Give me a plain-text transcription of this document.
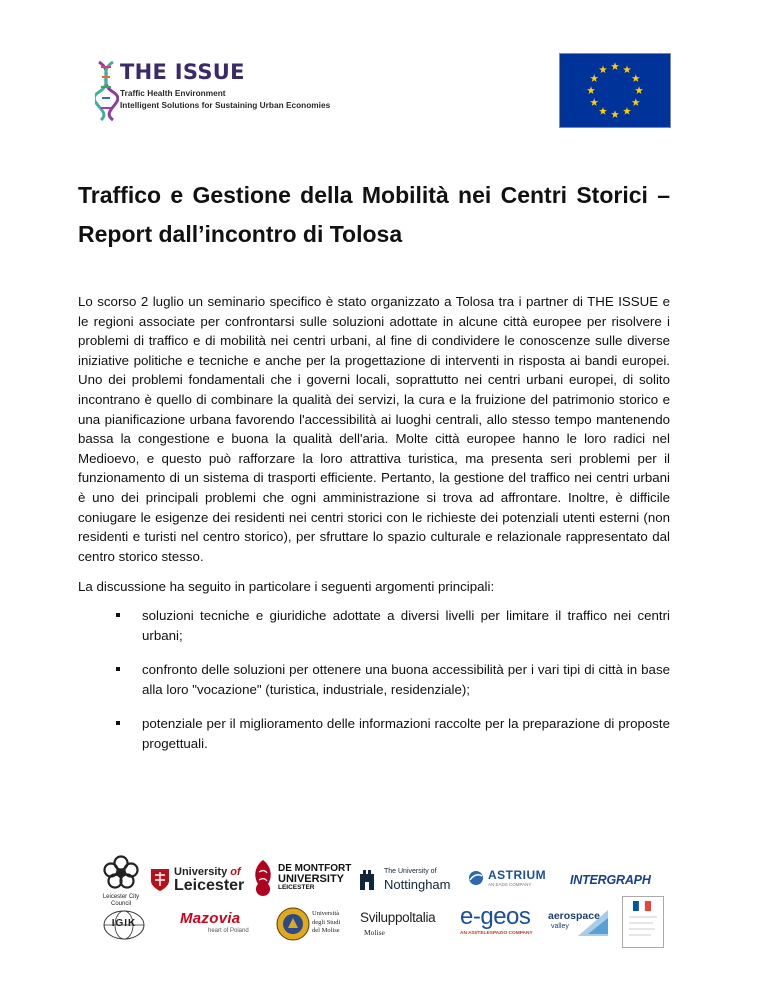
THE ISSUE
Traffic Health Environment
Intelligent Solutions for Sustaining Urban Economies
Traffico e Gestione della Mobilità nei Centri Storici – Report dall’incontro di Tolosa

Lo scorso 2 luglio un seminario specifico è stato organizzato a Tolosa tra i partner di THE ISSUE e le regioni associate per confrontarsi sulle soluzioni adottate in alcune città europee per risolvere i problemi di traffico e di mobilità nei centri urbani, al fine di condividere le conoscenze sulle diverse iniziative politiche e tecniche e anche per la progettazione di interventi in risposta ai bandi europei. Uno dei problemi fondamentali che i governi locali, soprattutto nei centri urbani europei, di solito incontrano è quello di combinare la qualità dei servizi, la cura e la fruizione del patrimonio storico e una pianificazione urbana favorendo l'accessibilità ai luoghi centrali, allo stesso tempo mantenendo bassa la congestione e buona la qualità dell'aria. Molte città europee hanno le loro radici nel Medioevo, e questo può rafforzare la loro attrattiva turistica, ma presenta seri problemi per il funzionamento di un sistema di trasporti efficiente. Pertanto, la gestione del traffico nei centri urbani è uno dei principali problemi che ogni amministrazione si trova ad affrontare. Inoltre, è difficile coniugare le esigenze dei residenti nei centri storici con le richieste dei potenziali utenti esterni (non residenti e turisti nel centro storico), per sfruttare lo spazio culturale e relazionale rappresentato dal centro storico stesso.

La discussione ha seguito in particolare i seguenti argomenti principali:

soluzioni tecniche e giuridiche adottate a diversi livelli per limitare il traffico nei centri urbani;
confronto delle soluzioni per ottenere una buona accessibilità per i vari tipi di città in base alla loro "vocazione" (turistica, industriale, residenziale);
potenziale per il miglioramento delle informazioni raccolte per la preparazione di proposte progettuali.
Leicester City Council
University of
Leicester
DE MONTFORT
UNIVERSITY
LEICESTER
The University of
Nottingham
ASTRIUM
AN EADS COMPANY	INTERGRAPH
IGIK	Mazovia
heart of Poland
Università
degli Studi
del Molise
Sviluppoltalia
Molise
e-geos
AN ASI/TELESPAZIO COMPANY
aerospace
valley
